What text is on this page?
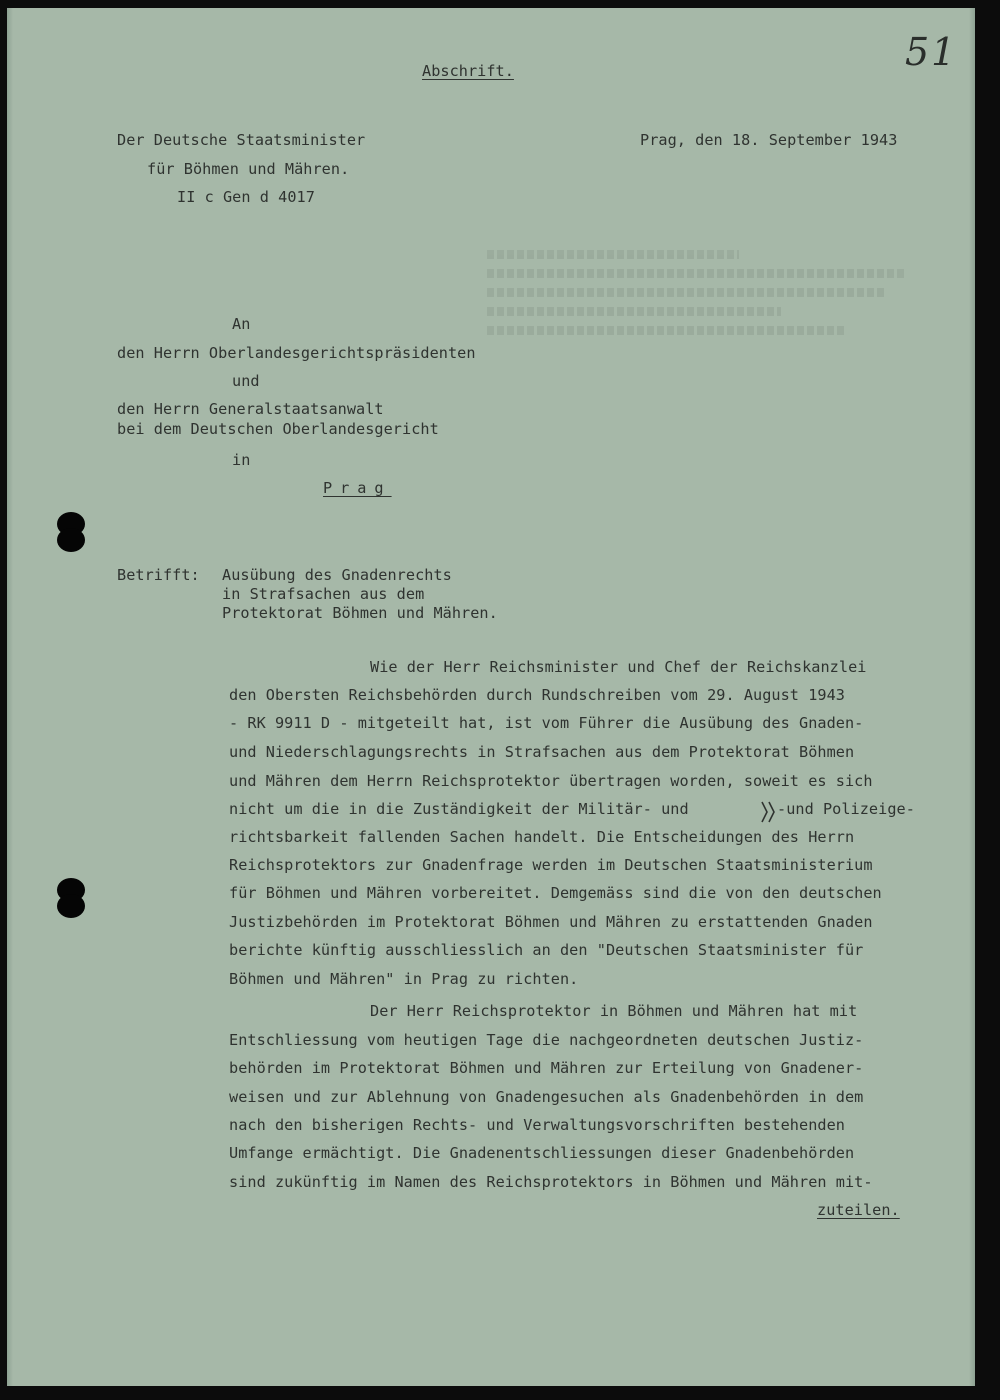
51
Abschrift.
Der Deutsche Staatsminister
für Böhmen und Mähren.
II c Gen d 4017
Prag, den 18. September 1943
An
den Herrn Oberlandesgerichtspräsidenten
und
den Herrn Generalstaatsanwalt
bei dem Deutschen Oberlandesgericht
in
Prag
Betrifft: Ausübung des Gnadenrechts
in Strafsachen aus dem
Protektorat Böhmen und Mähren.
Wie der Herr Reichsminister und Chef der Reichskanzlei
den Obersten Reichsbehörden durch Rundschreiben vom 29. August 1943
- RK 9911 D - mitgeteilt hat, ist vom Führer die Ausübung des Gnaden-
und Niederschlagungsrechts in Strafsachen aus dem Protektorat Böhmen
und Mähren dem Herrn Reichsprotektor übertragen worden, soweit es sich
nicht um die in die Zuständigkeit der Militär- und	-und Polizeige-
richtsbarkeit fallenden Sachen handelt. Die Entscheidungen des Herrn
Reichsprotektors zur Gnadenfrage werden im Deutschen Staatsministerium
für Böhmen und Mähren vorbereitet. Demgemäss sind die von den deutschen
Justizbehörden im Protektorat Böhmen und Mähren zu erstattenden Gnaden
berichte künftig ausschliesslich an den "Deutschen Staatsminister für
Böhmen und Mähren" in Prag zu richten.
Der Herr Reichsprotektor in Böhmen und Mähren hat mit
Entschliessung vom heutigen Tage die nachgeordneten deutschen Justiz-
behörden im Protektorat Böhmen und Mähren zur Erteilung von Gnadener-
weisen und zur Ablehnung von Gnadengesuchen als Gnadenbehörden in dem
nach den bisherigen Rechts- und Verwaltungsvorschriften bestehenden
Umfange ermächtigt. Die Gnadenentschliessungen dieser Gnadenbehörden
sind zukünftig im Namen des Reichsprotektors in Böhmen und Mähren mit-
zuteilen.
